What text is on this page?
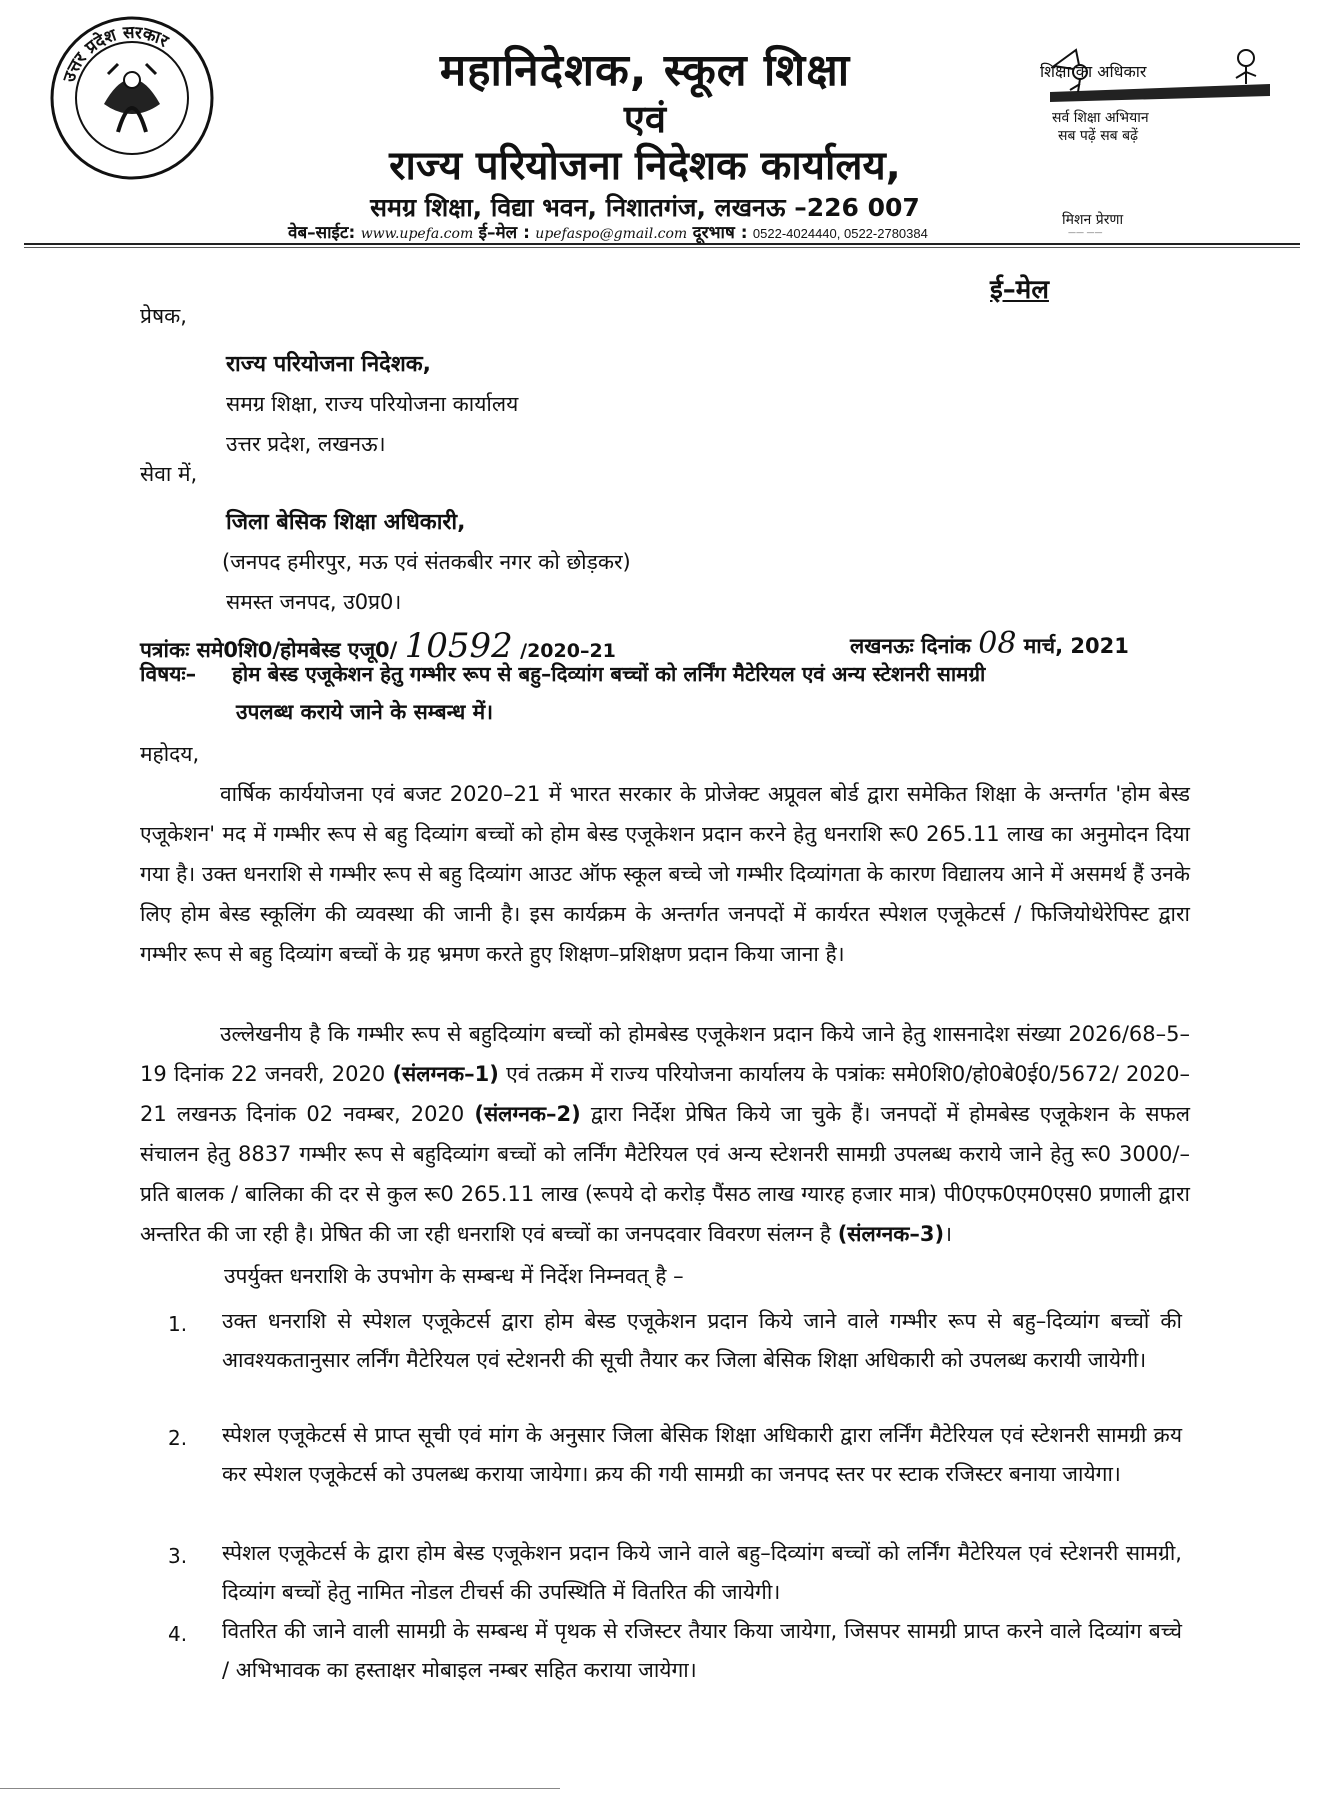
उत्तर प्रदेश सरकार
महानिदेशक, स्कूल शिक्षा
एवं
राज्य परियोजना निदेशक कार्यालय,
समग्र शिक्षा, विद्या भवन, निशातगंज, लखनऊ –226 007
वेब–साईट: www.upefa.com ई–मेल : upefaspo@gmail.com दूरभाष : 0522-4024440, 0522-2780384
शिक्षा का अधिकार
सर्व शिक्षा अभियान
सब पढ़ें सब बढ़ें
मिशन प्रेरणा
—— ——
ई–मेल
प्रेषक,
राज्य परियोजना निदेशक,
समग्र शिक्षा, राज्य परियोजना कार्यालय
उत्तर प्रदेश, लखनऊ।
सेवा में,
जिला बेसिक शिक्षा अधिकारी,
(जनपद हमीरपुर, मऊ एवं संतकबीर नगर को छोड़कर)
समस्त जनपद, उ0प्र0।
पत्रांकः समे0शि0/होमबेस्ड एजू0/ 10592 /2020–21	लखनऊः दिनांक 08 मार्च, 2021
विषयः– होम बेस्ड एजूकेशन हेतु गम्भीर रूप से बहु–दिव्यांग बच्चों को लर्निंग मैटेरियल एवं अन्य स्टेशनरी सामग्री
उपलब्ध कराये जाने के सम्बन्ध में।
महोदय,
वार्षिक कार्ययोजना एवं बजट 2020–21 में भारत सरकार के प्रोजेक्ट अप्रूवल बोर्ड द्वारा समेकित शिक्षा के अन्तर्गत 'होम बेस्ड एजूकेशन' मद में गम्भीर रूप से बहु दिव्यांग बच्चों को होम बेस्ड एजूकेशन प्रदान करने हेतु धनराशि रू0 265.11 लाख का अनुमोदन दिया गया है। उक्त धनराशि से गम्भीर रूप से बहु दिव्यांग आउट ऑफ स्कूल बच्चे जो गम्भीर दिव्यांगता के कारण विद्यालय आने में असमर्थ हैं उनके लिए होम बेस्ड स्कूलिंग की व्यवस्था की जानी है। इस कार्यक्रम के अन्तर्गत जनपदों में कार्यरत स्पेशल एजूकेटर्स / फिजियोथेरेपिस्ट द्वारा गम्भीर रूप से बहु दिव्यांग बच्चों के ग्रह भ्रमण करते हुए शिक्षण–प्रशिक्षण प्रदान किया जाना है।
उल्लेखनीय है कि गम्भीर रूप से बहुदिव्यांग बच्चों को होमबेस्ड एजूकेशन प्रदान किये जाने हेतु शासनादेश संख्या 2026/68–5–19 दिनांक 22 जनवरी, 2020 (संलग्नक–1) एवं तत्क्रम में राज्य परियोजना कार्यालय के पत्रांकः समे0शि0/हो0बे0ई0/5672/ 2020–21 लखनऊ दिनांक 02 नवम्बर, 2020 (संलग्नक–2) द्वारा निर्देश प्रेषित किये जा चुके हैं। जनपदों में होमबेस्ड एजूकेशन के सफल संचालन हेतु 8837 गम्भीर रूप से बहुदिव्यांग बच्चों को लर्निंग मैटेरियल एवं अन्य स्टेशनरी सामग्री उपलब्ध कराये जाने हेतु रू0 3000/– प्रति बालक / बालिका की दर से कुल रू0 265.11 लाख (रूपये दो करोड़ पैंसठ लाख ग्यारह हजार मात्र) पी0एफ0एम0एस0 प्रणाली द्वारा अन्तरित की जा रही है। प्रेषित की जा रही धनराशि एवं बच्चों का जनपदवार विवरण संलग्न है (संलग्नक–3)।
उपर्युक्त धनराशि के उपभोग के सम्बन्ध में निर्देश निम्नवत् है –
1. उक्त धनराशि से स्पेशल एजूकेटर्स द्वारा होम बेस्ड एजूकेशन प्रदान किये जाने वाले गम्भीर रूप से बहु–दिव्यांग बच्चों की आवश्यकतानुसार लर्निंग मैटेरियल एवं स्टेशनरी की सूची तैयार कर जिला बेसिक शिक्षा अधिकारी को उपलब्ध करायी जायेगी।
2. स्पेशल एजूकेटर्स से प्राप्त सूची एवं मांग के अनुसार जिला बेसिक शिक्षा अधिकारी द्वारा लर्निंग मैटेरियल एवं स्टेशनरी सामग्री क्रय कर स्पेशल एजूकेटर्स को उपलब्ध कराया जायेगा। क्रय की गयी सामग्री का जनपद स्तर पर स्टाक रजिस्टर बनाया जायेगा।
3. स्पेशल एजूकेटर्स के द्वारा होम बेस्ड एजूकेशन प्रदान किये जाने वाले बहु–दिव्यांग बच्चों को लर्निंग मैटेरियल एवं स्टेशनरी सामग्री, दिव्यांग बच्चों हेतु नामित नोडल टीचर्स की उपस्थिति में वितरित की जायेगी।
4. वितरित की जाने वाली सामग्री के सम्बन्ध में पृथक से रजिस्टर तैयार किया जायेगा, जिसपर सामग्री प्राप्त करने वाले दिव्यांग बच्चे / अभिभावक का हस्ताक्षर मोबाइल नम्बर सहित कराया जायेगा।
